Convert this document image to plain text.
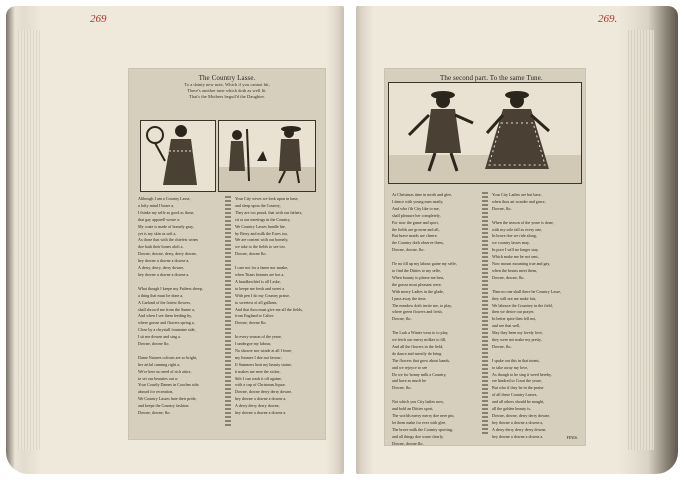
269
The Country Lasse.
To a dainty new note, Which if you cannot hit,
There's another tune which doth as well fit.
That's the Mothers beguil'd the Daughter.

Although I am a Country Lasse,

a lofty mind I beare a,

I thinke my selfe as good as those,

that gay apparell weare a:

My coate is made of homely gray,

yet is my skin as soft a,

As those that with the chiefest wines

doe bath their bones aloft a.

Downe, downe, derry, derry downe,

hey downe a downe a downe a,

A derry, derry, derry downe,

hey downe a downe a downe a.

What though I keepe my Fathers sheep,

a thing that must be done a,

A Garland of the fairest flowers,

shall shrowd me from the Sunne a,

And when I see them feeding by,

where grasse and flowers spring a,

Close by a chrystall fountaine side,

I sit me downe and sing a.

Downe, downe &c.

Dame Natures colours are so bright,

her artful cunning right a,

We're here no need of rich attire,

to set our beauties out a:

Your Courtly Dames in Coaches ride,

abroad for recreation,

We Country Lasses hate their pride,

and keepe the Country fashion:

Downe, downe, &c.

Your City wives we look upon in base,

and sleep upon the Country,

They are too proud, that with our fathers,

sit at our meetings in the Country,

We Country Lasses handle hie,

by Berry and milk the Ewes too,

We are content with our homely,

we take to the fields to see too.

Downe, downe &c.

I care not for a fanne nor maske,

when Titans beames are hot a,

A handkerchief is all I aske,

to keepe me fresh and sweet a.

With pen I do my Country praise,

to sweetest of all gallants,

And that thou must give me all the fields,

from England to Calice.

Downe, downe &c.

In every season of the yeare,

I undergoe my labour,

No showre nor winde at all I feare,

my limmes I doe not favour;

If Summers heat my beauty staine,

it makes me nere the sicker,

Sith I can wash it off againe,

with a cup of Christmas liquor.

Downe, downe derry derry downe,

hey downe a downe a downe a,

A derry derry derry downe,

hey downe a downe a downe a.

269.
The second part. To the same Tune.

At Christmas time in mirth and glee,

I dance with young men neatly,

And who i'th City like to me,

shall pleasure her completely,

For now the game and sport,

the fields are growne and all,

But brave maids are cheere,

the Country doth observe them,

Downe, downe, &c.

I'le no fill up my labour gaine my selfe,

to find the Ditties to my selfe,

When bounty to please me best,

the grasse most pleasant were,

With merry Ladies in the glade,

I pass away the time,

The meadow doth invite me, to play,

where green flowers and fresh,

Downe, &c.

The Lark a Winter wear to to play,

we fetch our merry milkes to fill,

And all the flowers in the field,

do dance and merrily do bring

The flowers that grow about hands,

and we rejoyce to see

Do we for bonny milk a Country,

and have as much be

Downe, &c.

Not which you City ladies now,

and bold an Ditties sport,

The worlds merry merry doe nere pin,

let them make for ever with glee,

The brave milk the Country sporting,

and all things doe wane clearly,

Downe, downe &c.

Your City Ladies are but base,

when thou art wonder and grace,

Downe, &c.

When the season of the yeare is done,

with my sole fall as every one,

In brave doe we ride along,

we country lasses may,

In poor I will no longer stay,

Which make me be not sent,

Now mount mounting true and gay,

when the beasts meet them,

Downe, downe, &c.

Then no one shall there be Country Lasse,

they will not me make fair,

We laboure the Countrey in the field,

then we desire our prayer,

In better spite then fell not,

and see that well,

May they been my lovely love,

they were not make my pretty,

Downe, &c.

I spake out this in that intent,

to take away my love,

As though to be sing it weed hereby,

ere hindred to Court the yeare,

But who if they be in the praise

of all these Country Lasses,

and all others should be nought,

all the golden beauty is,

Downe, downe, derry derry downe,

hey downe a downe a downe a,

A derry derry derry derry downe,

hey downe a downe a downe a.	FINIS.
